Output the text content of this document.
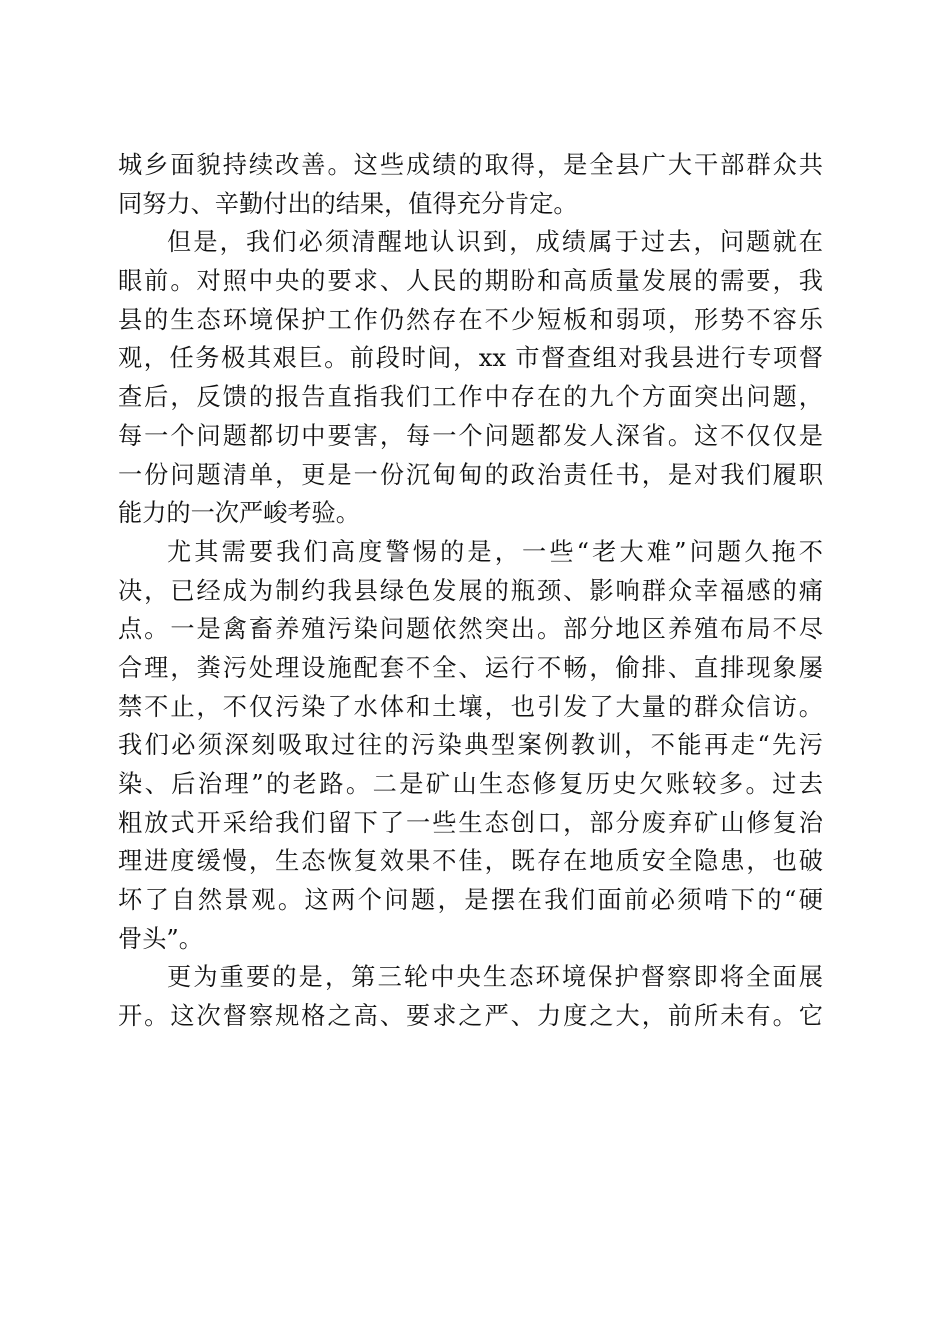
城乡面貌持续改善。这些成绩的取得，是全县广大干部群众共
同努力、辛勤付出的结果，值得充分肯定。
但是，我们必须清醒地认识到，成绩属于过去，问题就在
眼前。对照中央的要求、人民的期盼和高质量发展的需要，我
县的生态环境保护工作仍然存在不少短板和弱项，形势不容乐
观，任务极其艰巨。前段时间，xx 市督查组对我县进行专项督
查后，反馈的报告直指我们工作中存在的九个方面突出问题，
每一个问题都切中要害，每一个问题都发人深省。这不仅仅是
一份问题清单，更是一份沉甸甸的政治责任书，是对我们履职
能力的一次严峻考验。
尤其需要我们高度警惕的是，一些“老大难”问题久拖不
决，已经成为制约我县绿色发展的瓶颈、影响群众幸福感的痛
点。一是禽畜养殖污染问题依然突出。部分地区养殖布局不尽
合理，粪污处理设施配套不全、运行不畅，偷排、直排现象屡
禁不止，不仅污染了水体和土壤，也引发了大量的群众信访。
我们必须深刻吸取过往的污染典型案例教训，不能再走“先污
染、后治理”的老路。二是矿山生态修复历史欠账较多。过去
粗放式开采给我们留下了一些生态创口，部分废弃矿山修复治
理进度缓慢，生态恢复效果不佳，既存在地质安全隐患，也破
坏了自然景观。这两个问题，是摆在我们面前必须啃下的“硬
骨头”。
更为重要的是，第三轮中央生态环境保护督察即将全面展
开。这次督察规格之高、要求之严、力度之大，前所未有。它
